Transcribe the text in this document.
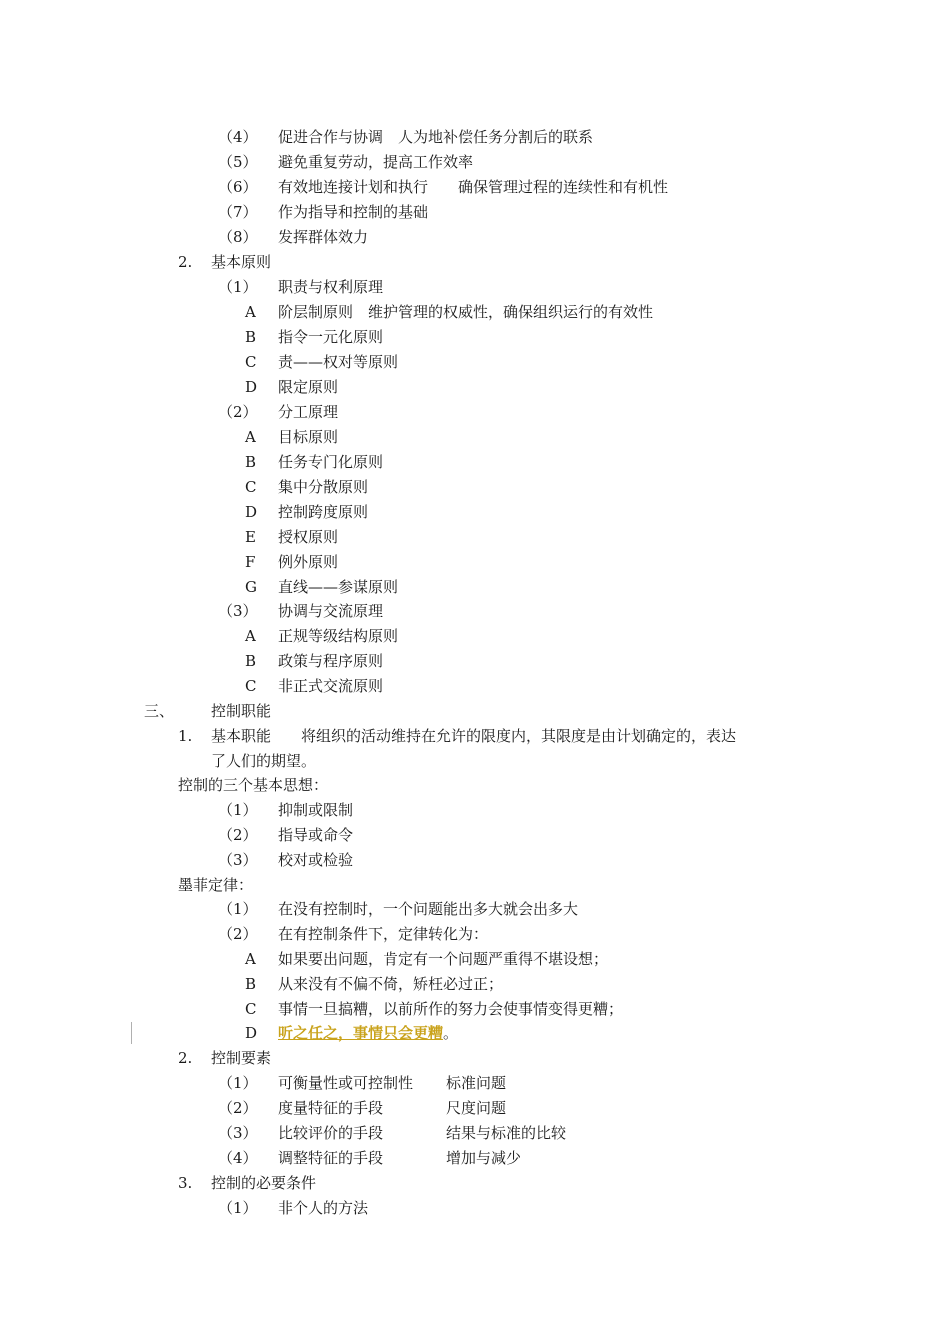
（4） 促进合作与协调　人为地补偿任务分割后的联系
（5） 避免重复劳动，提高工作效率
（6） 有效地连接计划和执行　　确保管理过程的连续性和有机性
（7） 作为指导和控制的基础
（8） 发挥群体效力
2. 基本原则
（1） 职责与权利原理
A 阶层制原则　维护管理的权威性，确保组织运行的有效性
B 指令一元化原则
C 责——权对等原则
D 限定原则
（2） 分工原理
A 目标原则
B 任务专门化原则
C 集中分散原则
D 控制跨度原则
E 授权原则
F 例外原则
G 直线——参谋原则
（3） 协调与交流原理
A 正规等级结构原则
B 政策与程序原则
C 非正式交流原则
三、 控制职能
1. 基本职能　　将组织的活动维持在允许的限度内，其限度是由计划确定的，表达
了人们的期望。
控制的三个基本思想：
（1） 抑制或限制
（2） 指导或命令
（3） 校对或检验
墨菲定律：
（1） 在没有控制时，一个问题能出多大就会出多大
（2） 在有控制条件下，定律转化为：
A 如果要出问题，肯定有一个问题严重得不堪设想；
B 从来没有不偏不倚，矫枉必过正；
C 事情一旦搞糟，以前所作的努力会使事情变得更糟；
D 听之任之，事情只会更糟。
2. 控制要素
（1） 可衡量性或可控制性 标准问题
（2） 度量特征的手段	尺度问题
（3） 比较评价的手段	结果与标准的比较
（4） 调整特征的手段	增加与减少
3. 控制的必要条件
（1） 非个人的方法
